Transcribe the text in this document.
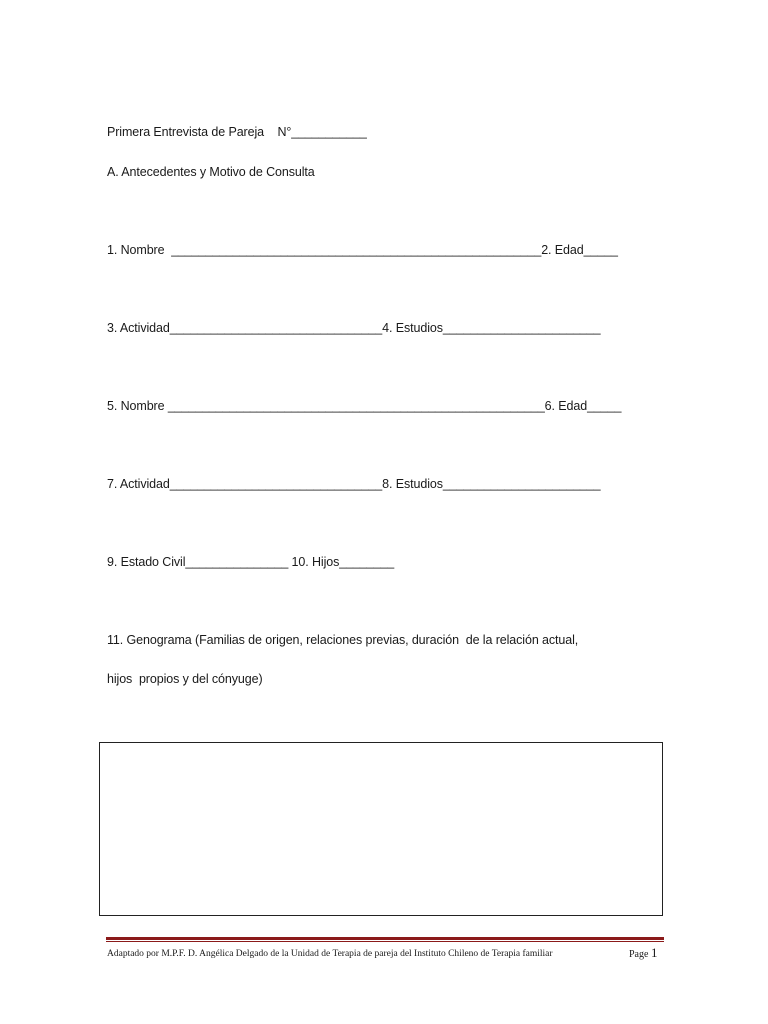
Primera Entrevista de Pareja    N°___________
A. Antecedentes y Motivo de Consulta
1. Nombre  ______________________________________________________2. Edad_____
3. Actividad_______________________________4. Estudios_______________________
5. Nombre _______________________________________________________6. Edad_____
7. Actividad_______________________________8. Estudios_______________________
9. Estado Civil_______________ 10. Hijos________
11. Genograma (Familias de origen, relaciones previas, duración  de la relación actual,
hijos  propios y del cónyuge)
Adaptado por M.P.F. D. Angélica Delgado de la Unidad de Terapia de pareja del Instituto Chileno de Terapia familiar	Page 1
